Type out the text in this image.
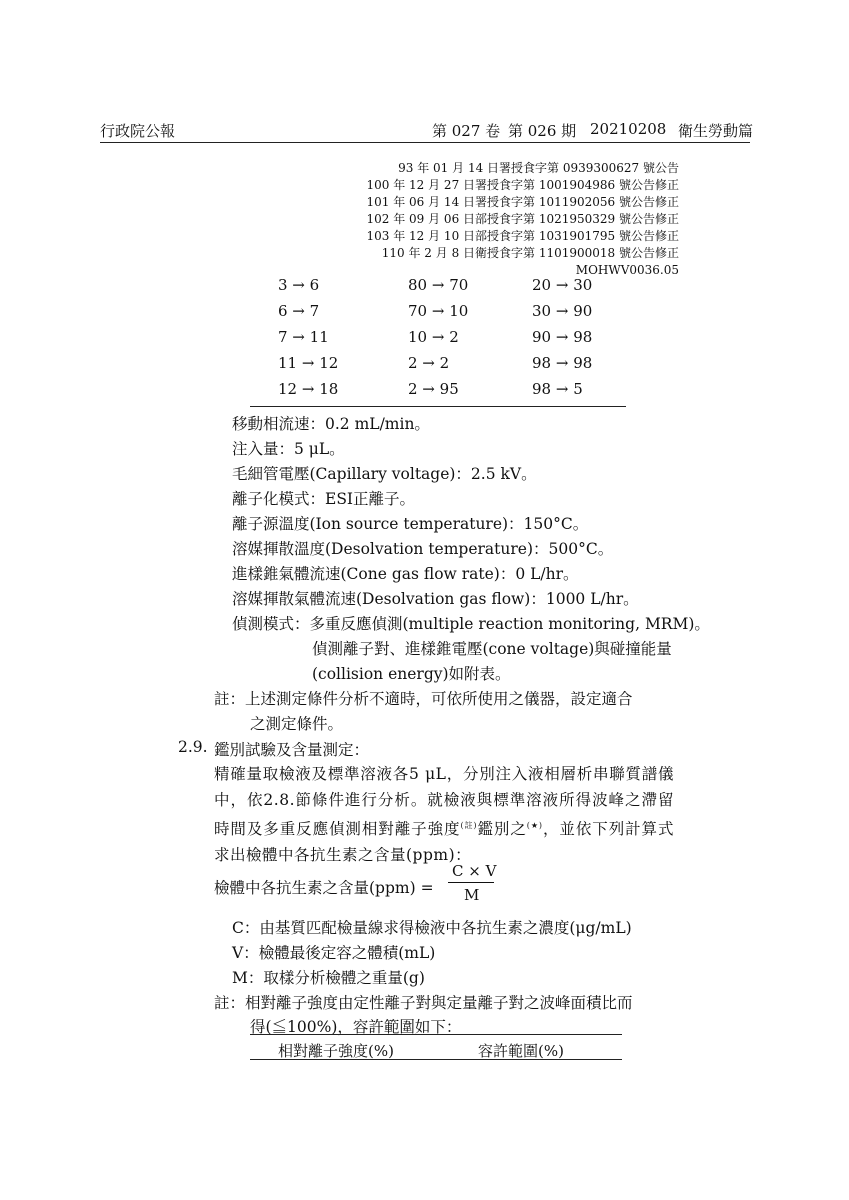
行政院公報	第 027 卷 第 026 期 20210208 衛生勞動篇
93 年 01 月 14 日署授食字第 0939300627 號公告
100 年 12 月 27 日署授食字第 1001904986 號公告修正
101 年 06 月 14 日署授食字第 1011902056 號公告修正
102 年 09 月 06 日部授食字第 1021950329 號公告修正
103 年 12 月 10 日部授食字第 1031901795 號公告修正
110 年 2 月 8 日衛授食字第 1101900018 號公告修正
MOHWV0036.05
3 → 6	80 → 70	20 → 30
6 → 7	70 → 10	30 → 90
7 → 11	10 → 2	90 → 98
11 → 12	2 → 2	98 → 98
12 → 18	2 → 95	98 → 5
移動相流速：0.2 mL/min。
注入量：5 μL。
毛細管電壓(Capillary voltage)：2.5 kV。
離子化模式：ESI正離子。
離子源溫度(Ion source temperature)：150°C。
溶媒揮散溫度(Desolvation temperature)：500°C。
進樣錐氣體流速(Cone gas flow rate)：0 L/hr。
溶媒揮散氣體流速(Desolvation gas flow)：1000 L/hr。
偵測模式：多重反應偵測(multiple reaction monitoring, MRM)。
偵測離子對、進樣錐電壓(cone voltage)與碰撞能量
(collision energy)如附表。
註：上述測定條件分析不適時，可依所使用之儀器，設定適合
之測定條件。
2.9. 鑑別試驗及含量測定：
精確量取檢液及標準溶液各5 μL，分別注入液相層析串聯質譜儀中，依2.8.節條件進行分析。就檢液與標準溶液所得波峰之滯留時間及多重反應偵測相對離子強度$^{(註)}$鑑別之(★)，並依下列計算式求出檢體中各抗生素之含量(ppm)：
檢體中各抗生素之含量(ppm) =
C × V
M
C：由基質匹配檢量線求得檢液中各抗生素之濃度(μg/mL)
V：檢體最後定容之體積(mL)
M：取樣分析檢體之重量(g)
註：相對離子強度由定性離子對與定量離子對之波峰面積比而
得(≦100%)，容許範圍如下：
相對離子強度(%)	容許範圍(%)
